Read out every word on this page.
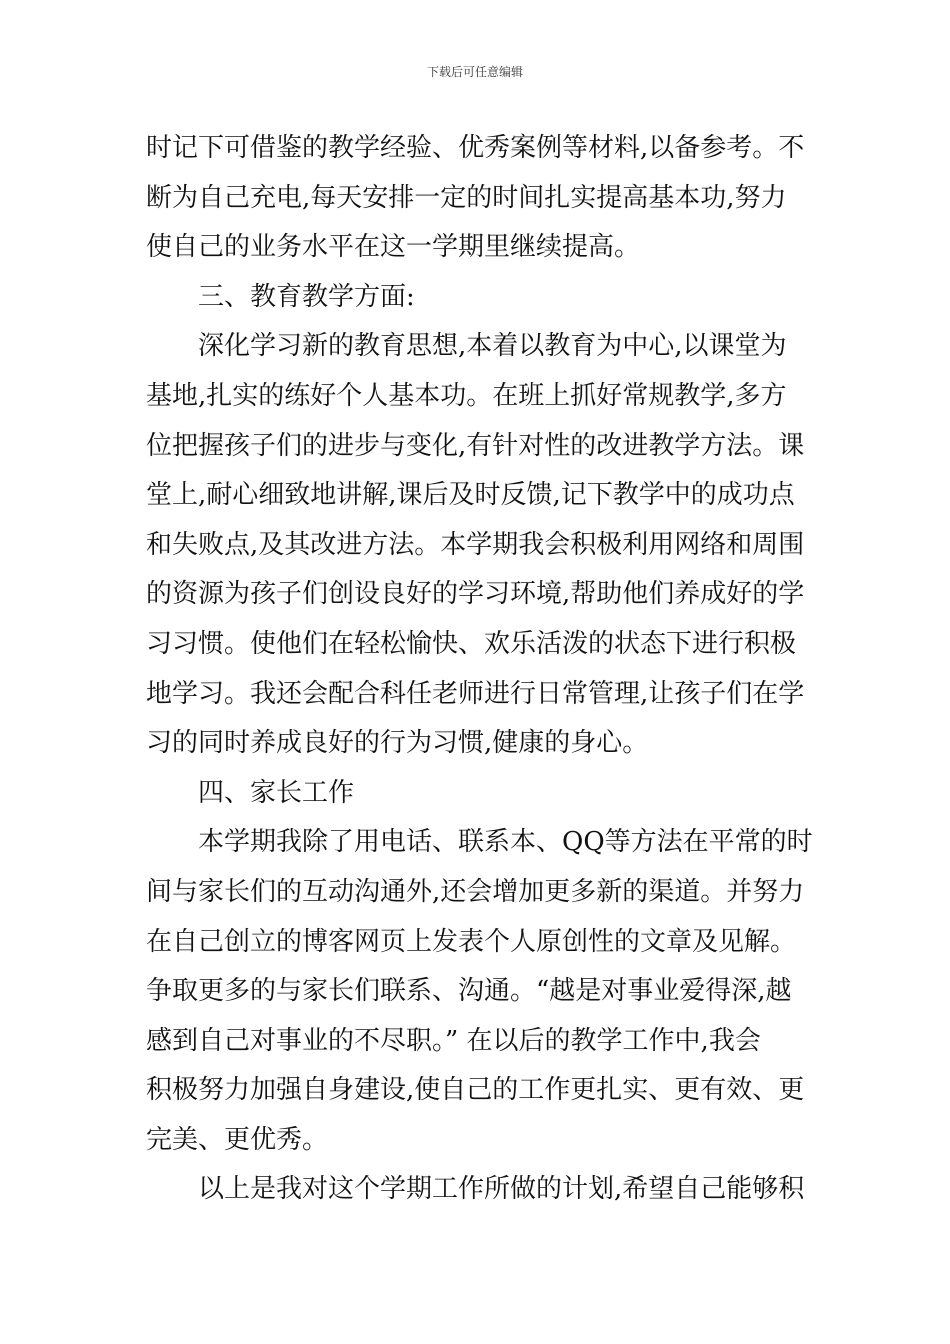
下载后可任意编辑
时记下可借鉴的教学经验、优秀案例等材料,以备参考。不
断为自己充电,每天安排一定的时间扎实提高基本功,努力
使自己的业务水平在这一学期里继续提高。
三、教育教学方面:
深化学习新的教育思想,本着以教育为中心,以课堂为
基地,扎实的练好个人基本功。在班上抓好常规教学,多方
位把握孩子们的进步与变化,有针对性的改进教学方法。课
堂上,耐心细致地讲解,课后及时反馈,记下教学中的成功点
和失败点,及其改进方法。本学期我会积极利用网络和周围
的资源为孩子们创设良好的学习环境,帮助他们养成好的学
习习惯。使他们在轻松愉快、欢乐活泼的状态下进行积极
地学习。我还会配合科任老师进行日常管理,让孩子们在学
习的同时养成良好的行为习惯,健康的身心。
四、家长工作
本学期我除了用电话、联系本、QQ等方法在平常的时
间与家长们的互动沟通外,还会增加更多新的渠道。并努力
在自己创立的博客网页上发表个人原创性的文章及见解。
争取更多的与家长们联系、沟通。“越是对事业爱得深,越
感到自己对事业的不尽职。” 在以后的教学工作中,我会
积极努力加强自身建设,使自己的工作更扎实、更有效、更
完美、更优秀。
以上是我对这个学期工作所做的计划,希望自己能够积
